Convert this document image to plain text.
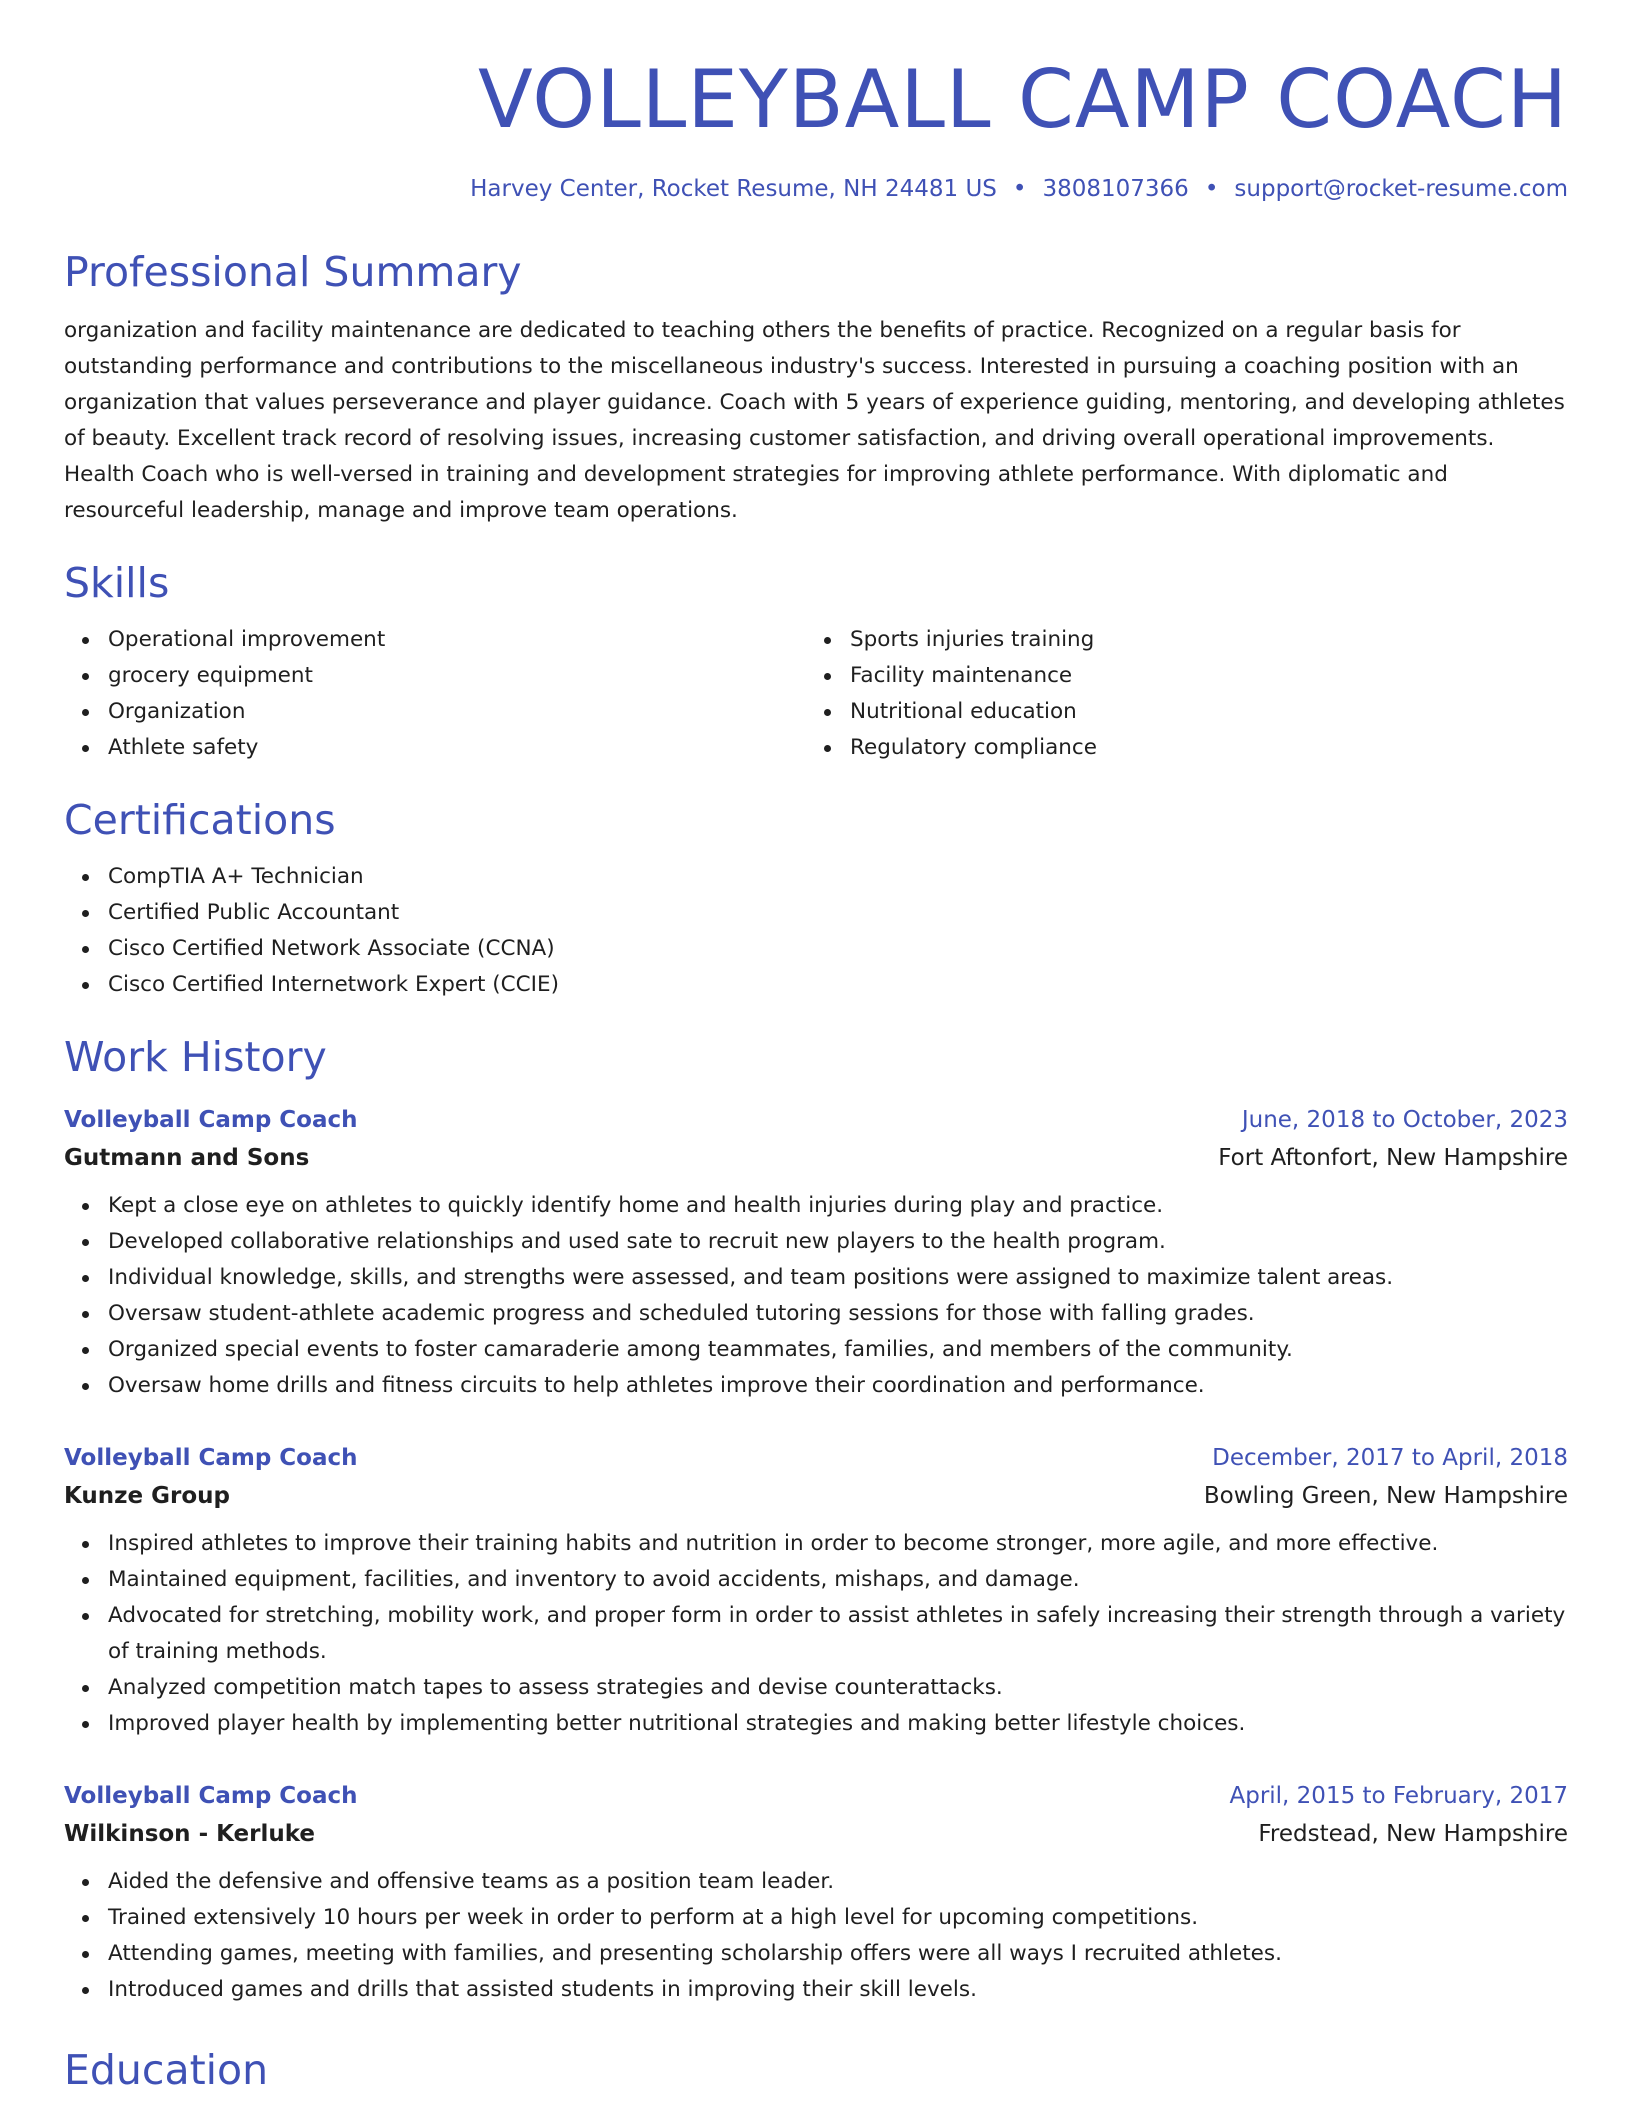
VOLLEYBALL CAMP COACH
Harvey Center, Rocket Resume, NH 24481 US • 3808107366 • support@rocket-resume.com
Professional Summary
organization and facility maintenance are dedicated to teaching others the benefits of practice. Recognized on a regular basis for outstanding performance and contributions to the miscellaneous industry's success. Interested in pursuing a coaching position with an organization that values perseverance and player guidance. Coach with 5 years of experience guiding, mentoring, and developing athletes of beauty. Excellent track record of resolving issues, increasing customer satisfaction, and driving overall operational improvements. Health Coach who is well-versed in training and development strategies for improving athlete performance. With diplomatic and resourceful leadership, manage and improve team operations.
Skills
Operational improvement
grocery equipment
Organization
Athlete safety
Sports injuries training
Facility maintenance
Nutritional education
Regulatory compliance
Certifications
CompTIA A+ Technician
Certified Public Accountant
Cisco Certified Network Associate (CCNA)
Cisco Certified Internetwork Expert (CCIE)
Work History
Volleyball Camp Coach	June, 2018 to October, 2023
Gutmann and Sons	Fort Aftonfort, New Hampshire
Kept a close eye on athletes to quickly identify home and health injuries during play and practice.
Developed collaborative relationships and used sate to recruit new players to the health program.
Individual knowledge, skills, and strengths were assessed, and team positions were assigned to maximize talent areas.
Oversaw student-athlete academic progress and scheduled tutoring sessions for those with falling grades.
Organized special events to foster camaraderie among teammates, families, and members of the community.
Oversaw home drills and fitness circuits to help athletes improve their coordination and performance.
Volleyball Camp Coach	December, 2017 to April, 2018
Kunze Group	Bowling Green, New Hampshire
Inspired athletes to improve their training habits and nutrition in order to become stronger, more agile, and more effective.
Maintained equipment, facilities, and inventory to avoid accidents, mishaps, and damage.
Advocated for stretching, mobility work, and proper form in order to assist athletes in safely increasing their strength through a variety of training methods.
Analyzed competition match tapes to assess strategies and devise counterattacks.
Improved player health by implementing better nutritional strategies and making better lifestyle choices.
Volleyball Camp Coach	April, 2015 to February, 2017
Wilkinson - Kerluke	Fredstead, New Hampshire
Aided the defensive and offensive teams as a position team leader.
Trained extensively 10 hours per week in order to perform at a high level for upcoming competitions.
Attending games, meeting with families, and presenting scholarship offers were all ways I recruited athletes.
Introduced games and drills that assisted students in improving their skill levels.
Education
